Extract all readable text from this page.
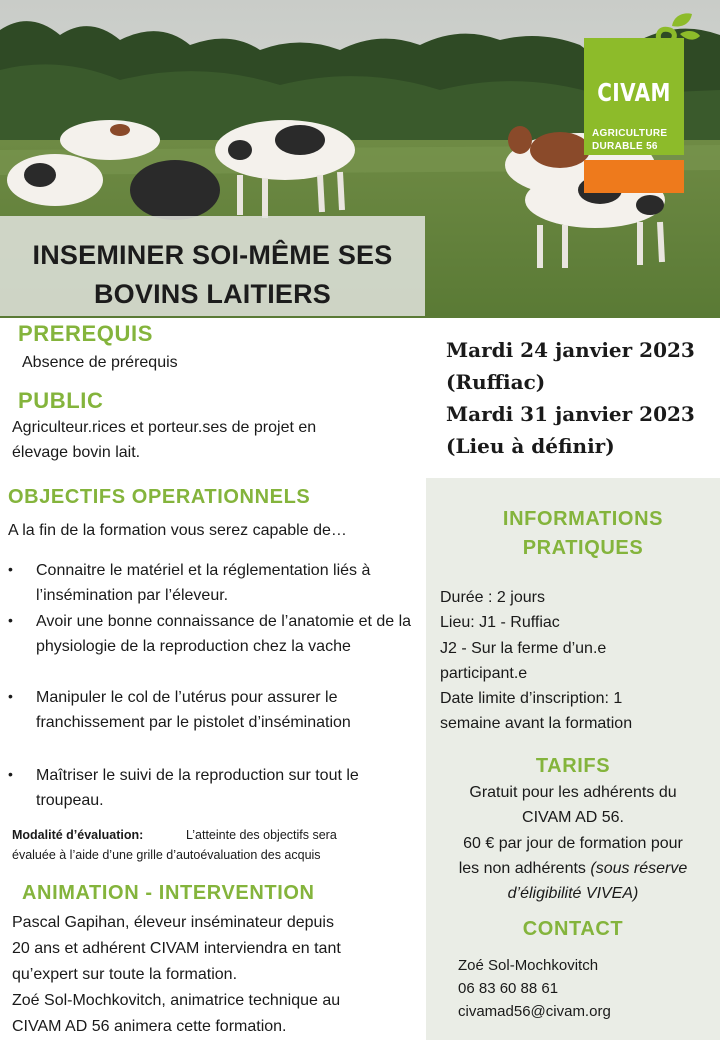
INSEMINER SOI-MÊME SES
BOVINS LAITIERS
CIVAM
AGRICULTURE
DURABLE 56
PREREQUIS
Absence de prérequis
PUBLIC
Agriculteur.rices et porteur.ses de projet en
élevage bovin lait.
Mardi 24 janvier 2023
(Ruffiac)
Mardi 31 janvier 2023
(Lieu à définir)
OBJECTIFS OPERATIONNELS
A la fin de la formation vous serez capable de…
• Connaitre le matériel et la réglementation liés à l’insémination par l’éleveur.
• Avoir une bonne connaissance de l’anatomie et de la physiologie de la reproduction chez la vache
• Manipuler le col de l’utérus pour assurer le franchissement par le pistolet d’insémination
• Maîtriser le suivi de la reproduction sur tout le troupeau.
Modalité d’évaluation:	L’atteinte des objectifs sera
évaluée à l’aide d’une grille d’autoévaluation des acquis
ANIMATION - INTERVENTION
Pascal Gapihan, éleveur inséminateur depuis
20 ans et adhérent CIVAM interviendra en tant
qu’expert sur toute la formation.
Zoé Sol-Mochkovitch, animatrice technique au
CIVAM AD 56 animera cette formation.
INFORMATIONS
PRATIQUES
Durée : 2 jours
Lieu: J1 - Ruffiac
J2 - Sur la ferme d’un.e
participant.e
Date limite d’inscription: 1
semaine avant la formation
TARIFS
Gratuit pour les adhérents du
CIVAM AD 56.
60 € par jour de formation pour
les non adhérents (sous réserve
d’éligibilité VIVEA)
CONTACT
Zoé Sol-Mochkovitch
06 83 60 88 61
civamad56@civam.org
